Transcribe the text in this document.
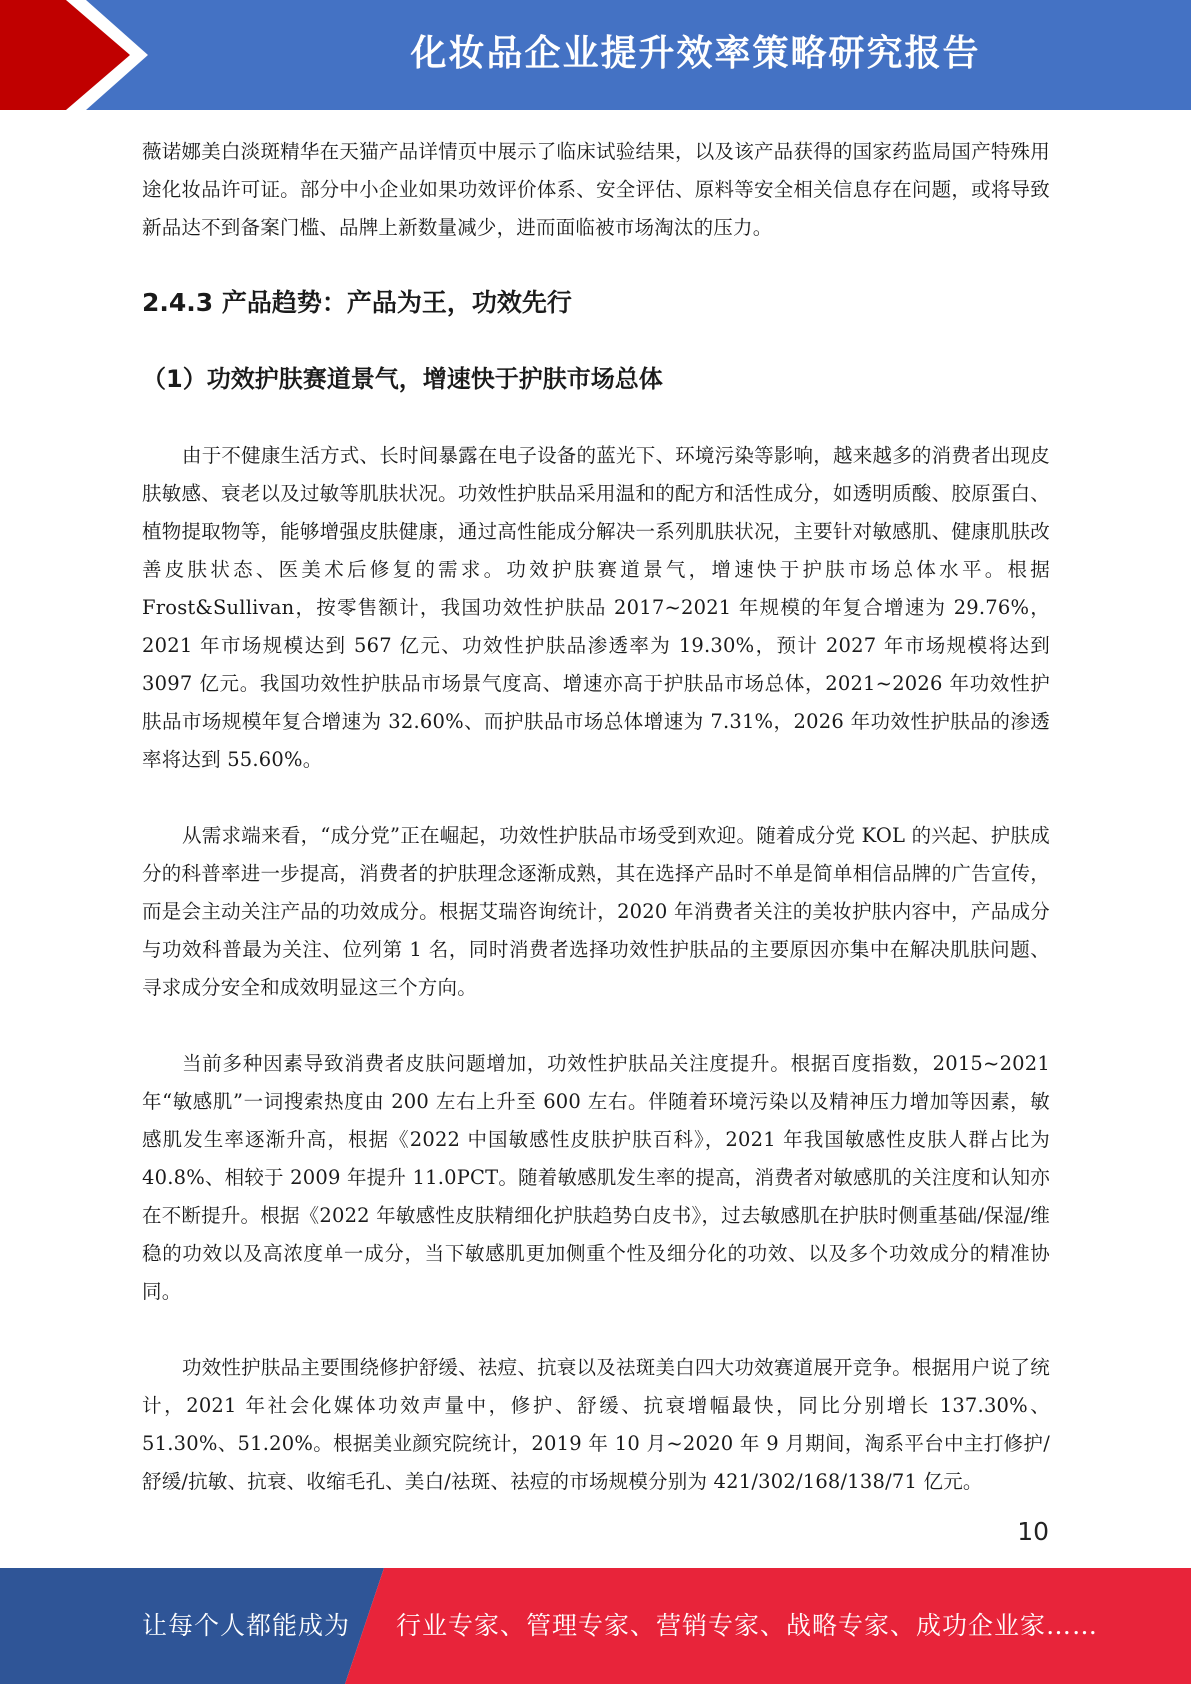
化妆品企业提升效率策略研究报告

薇诺娜美白淡斑精华在天猫产品详情页中展示了临床试验结果，以及该产品获得的国家药监局国产特殊用途化妆品许可证。部分中小企业如果功效评价体系、安全评估、原料等安全相关信息存在问题，或将导致新品达不到备案门槛、品牌上新数量减少，进而面临被市场淘汰的压力。

2.4.3 产品趋势：产品为王，功效先行
（1）功效护肤赛道景气，增速快于护肤市场总体

由于不健康生活方式、长时间暴露在电子设备的蓝光下、环境污染等影响，越来越多的消费者出现皮肤敏感、衰老以及过敏等肌肤状况。功效性护肤品采用温和的配方和活性成分，如透明质酸、胶原蛋白、植物提取物等，能够增强皮肤健康，通过高性能成分解决一系列肌肤状况，主要针对敏感肌、健康肌肤改善皮肤状态、医美术后修复的需求。功效护肤赛道景气，增速快于护肤市场总体水平。根据 Frost&Sullivan，按零售额计，我国功效性护肤品 2017~2021 年规模的年复合增速为 29.76%，2021 年市场规模达到 567 亿元、功效性护肤品渗透率为 19.30%，预计 2027 年市场规模将达到 3097 亿元。我国功效性护肤品市场景气度高、增速亦高于护肤品市场总体，2021~2026 年功效性护肤品市场规模年复合增速为 32.60%、而护肤品市场总体增速为 7.31%，2026 年功效性护肤品的渗透率将达到 55.60%。

从需求端来看，“成分党”正在崛起，功效性护肤品市场受到欢迎。随着成分党 KOL 的兴起、护肤成分的科普率进一步提高，消费者的护肤理念逐渐成熟，其在选择产品时不单是简单相信品牌的广告宣传，而是会主动关注产品的功效成分。根据艾瑞咨询统计，2020 年消费者关注的美妆护肤内容中，产品成分与功效科普最为关注、位列第 1 名，同时消费者选择功效性护肤品的主要原因亦集中在解决肌肤问题、寻求成分安全和成效明显这三个方向。

当前多种因素导致消费者皮肤问题增加，功效性护肤品关注度提升。根据百度指数，2015~2021 年“敏感肌”一词搜索热度由 200 左右上升至 600 左右。伴随着环境污染以及精神压力增加等因素，敏感肌发生率逐渐升高，根据《2022 中国敏感性皮肤护肤百科》，2021 年我国敏感性皮肤人群占比为 40.8%、相较于 2009 年提升 11.0PCT。随着敏感肌发生率的提高，消费者对敏感肌的关注度和认知亦在不断提升。根据《2022 年敏感性皮肤精细化护肤趋势白皮书》，过去敏感肌在护肤时侧重基础/保湿/维稳的功效以及高浓度单一成分，当下敏感肌更加侧重个性及细分化的功效、以及多个功效成分的精准协同。

功效性护肤品主要围绕修护舒缓、祛痘、抗衰以及祛斑美白四大功效赛道展开竞争。根据用户说了统计，2021 年社会化媒体功效声量中，修护、舒缓、抗衰增幅最快，同比分别增长 137.30%、51.30%、51.20%。根据美业颜究院统计，2019 年 10 月~2020 年 9 月期间，淘系平台中主打修护/舒缓/抗敏、抗衰、收缩毛孔、美白/祛斑、祛痘的市场规模分别为 421/302/168/138/71 亿元。

10
让每个人都能成为 行业专家、管理专家、营销专家、战略专家、成功企业家……
